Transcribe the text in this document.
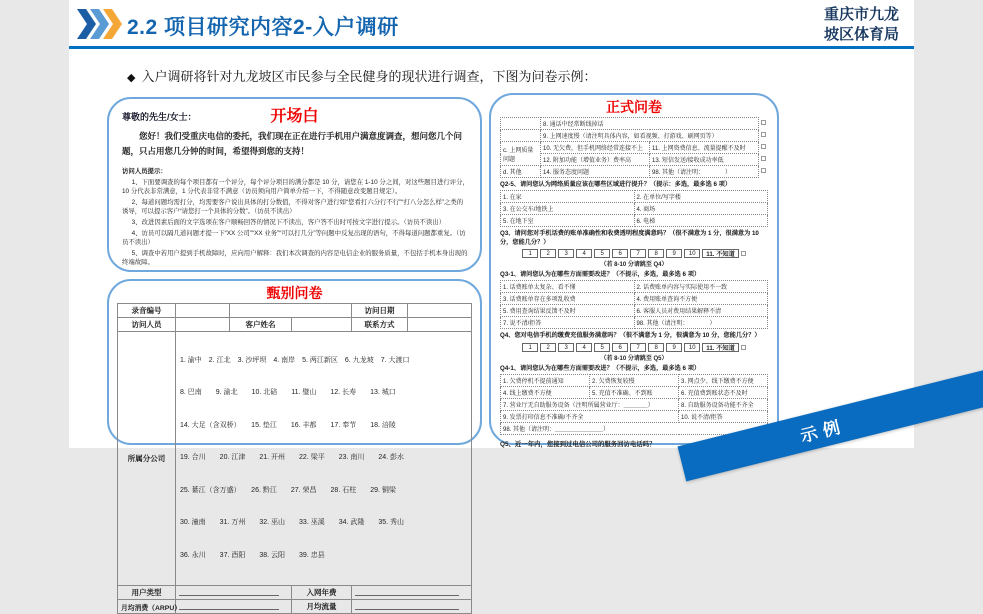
2.2 项目研究内容2-入户调研
重庆市九龙坡区体育局
◆ 入户调研将针对九龙坡区市民参与全民健身的现状进行调查，下图为问卷示例：
开场白
尊敬的先生/女士：
您好！我们受重庆电信的委托，我们现在正在进行手机用户满意度调查，想问您几个问题，只占用您几分钟的时间，希望得到您的支持！
访问人员提示：

1、下面要调查的每个项目都有一个评分，每个评分项目的满分都是 10 分，请您在 1-10 分之间，对这些题目进行评分，10 分代表非常满意，1 分代表非常不满意（访员须向用户简单介绍一下，不得随意改变题目规定）。

2、每道问题均需打分，均需要客户说出具体的打分数值，不得对客户进行如“您看打六分行不行”“打八分怎么样”之类的诱导，可以提示客户“请您打一个具体的分数”。（访员不读出）

3、改进因素后面的文字选项在客户顺畅回答的情况下不读出，客户答不出时可按文字进行提示。（访员不读出）

4、访员可以隔几道问题才提一下“XX 公司”“XX 业务”“可以打几分”等问题中反复出现的语句，不得每道问题都重复。（访员不读出）

5、调查中若用户提到手机故障时，应向用户解释：我们本次调查的内容是电信企业的服务质量，不包括手机本身出现的终端故障。

甄别问卷
录音编号				访问日期	
访问人员		客户姓名		联系方式	
所属分公司	

1. 渝中　2. 江北　3. 沙坪坝　4. 南岸　5. 两江新区　6. 九龙坡　7. 大渡口

8. 巴南　　9. 渝北　　10. 北碚　　11. 璧山　　12. 长寿　　13. 城口

14. 大足（含双桥）　　15. 垫江　　16. 丰都　　17. 奉节　　18. 涪陵

19. 合川　　20. 江津　　21. 开州　　22. 梁平　　23. 南川　　24. 彭水

25. 綦江（含万盛）　　26. 黔江　　27. 荣昌　　28. 石柱　　29. 铜梁

30. 潼南　　31. 万州　　32. 巫山　　33. 巫溪　　34. 武隆　　35. 秀山

36. 永川　　37. 酉阳　　38. 云阳　　39. 忠县

用户类型			入网年费		
月均消费（ARPU）			月均流量		
正式问卷
	8. 通话中经常断线掉话		
	9. 上网速度慢（请注明具体内容，如看视频、打游戏、刷网页等）		
c. 上网质量问题	10. 无欠费，但手机网络经常连接不上	11. 上网资费信息、流量提醒不及时	
	12. 附加功能（增值业务）费率高	13. 短信发送/接收成功率低	
d. 其他	14. 服务态度问题	98. 其他（请注明：　　　　）	
Q2-5、请问您认为网络质量应该在哪些区域进行提升？（提示：多选，最多选 6 项）
1. 在家	2. 在单位/写字楼
3. 在公交车/地铁上	4. 商场
5. 在地下室	6. 电梯
Q3、请问您对手机话费的账单准确性和收费透明程度满意吗？（很不满意为 1 分，很满意为 10 分，您能几分？）
1	2	3	4	5	6	7	8	9	10	11. 不知道
（若 8-10 分请跳至 Q4）
Q3-1、请问您认为在哪些方面需要改进？（不提示，多选，最多选 6 项）
1. 话费账单太复杂、看不懂	2. 话费账单内容与实际使用不一致
3. 话费账单存在多项乱收费	4. 费用账单查询不方便
5. 费用查询结果反馈不及时	6. 客服人员对费用结果解释不清
7. 说不清/拒答	98. 其他（请注明：　　　　）
Q4、您对电信手机的缴费充值服务满意吗？（很不满意为 1 分，很满意为 10 分，您能几分？）
1	2	3	4	5	6	7	8	9	10	11. 不知道
（若 8-10 分请跳至 Q5）
Q4-1、请问您认为在哪些方面需要改进？（不提示，多选，最多选 6 项）
1. 欠费停机不提前通知	2. 欠费恢复较慢	3. 网点少、线下缴费不方便
4. 线上缴费不方便	5. 充值不准确、不到账	6. 充值费到账状态不及时
7. 营业厅无自助服务设备（注明所属营业厅：＿＿＿＿）		8. 自助服务设备功能不齐全
9. 发票打印信息不准确/不齐全		10. 说不清/拒答
98. 其他（请注明：＿＿＿＿＿＿＿＿）		
Q5、近一年内，您接到过电信公司的服务回访电话吗？	示例
